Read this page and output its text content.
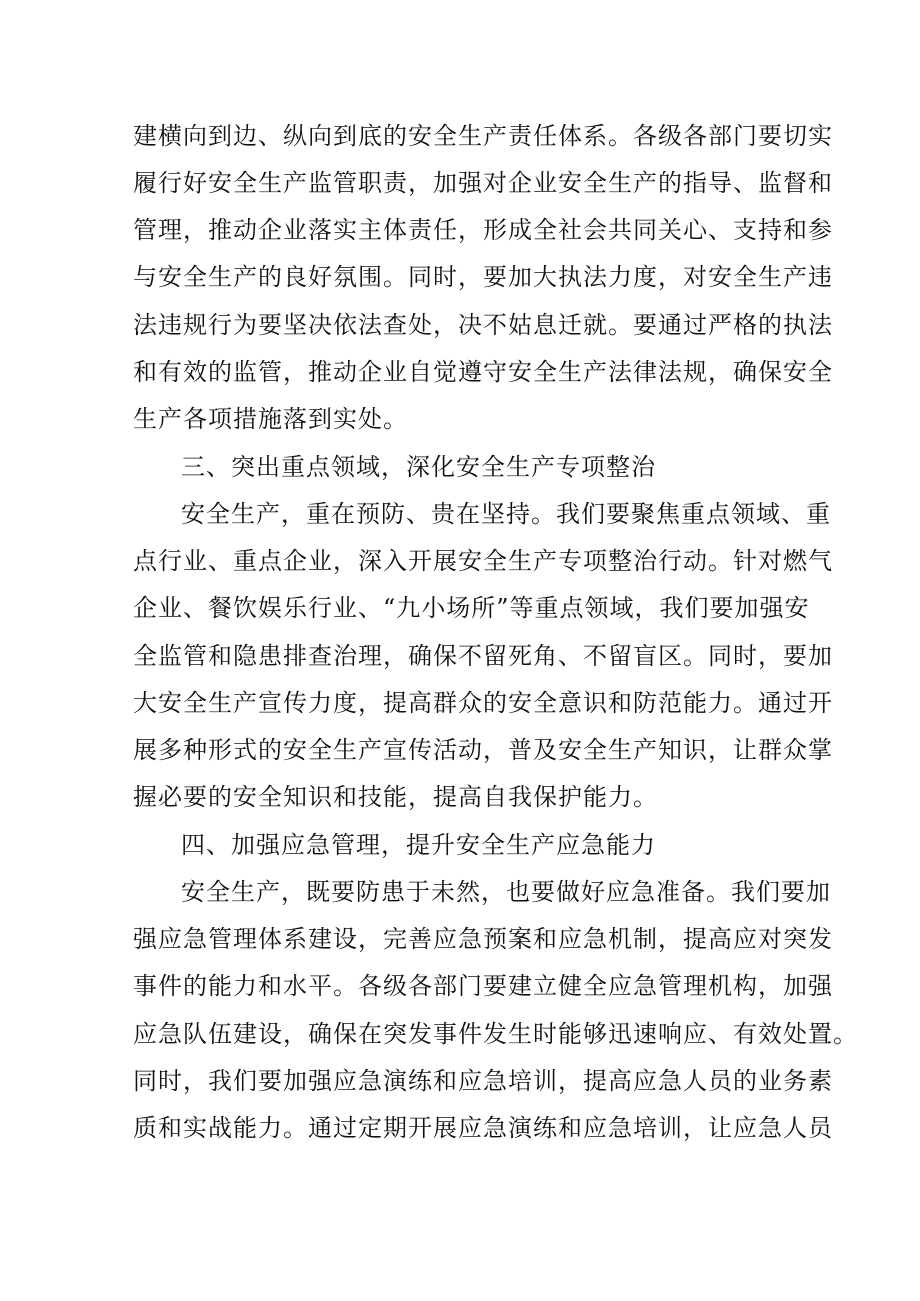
建横向到边、纵向到底的安全生产责任体系。各级各部门要切实
履行好安全生产监管职责，加强对企业安全生产的指导、监督和
管理，推动企业落实主体责任，形成全社会共同关心、支持和参
与安全生产的良好氛围。同时，要加大执法力度，对安全生产违
法违规行为要坚决依法查处，决不姑息迁就。要通过严格的执法
和有效的监管，推动企业自觉遵守安全生产法律法规，确保安全
生产各项措施落到实处。
三、突出重点领域，深化安全生产专项整治
安全生产，重在预防、贵在坚持。我们要聚焦重点领域、重
点行业、重点企业，深入开展安全生产专项整治行动。针对燃气
企业、餐饮娱乐行业、“九小场所”等重点领域，我们要加强安
全监管和隐患排查治理，确保不留死角、不留盲区。同时，要加
大安全生产宣传力度，提高群众的安全意识和防范能力。通过开
展多种形式的安全生产宣传活动，普及安全生产知识，让群众掌
握必要的安全知识和技能，提高自我保护能力。
四、加强应急管理，提升安全生产应急能力
安全生产，既要防患于未然，也要做好应急准备。我们要加
强应急管理体系建设，完善应急预案和应急机制，提高应对突发
事件的能力和水平。各级各部门要建立健全应急管理机构，加强
应急队伍建设，确保在突发事件发生时能够迅速响应、有效处置。
同时，我们要加强应急演练和应急培训，提高应急人员的业务素
质和实战能力。通过定期开展应急演练和应急培训，让应急人员
